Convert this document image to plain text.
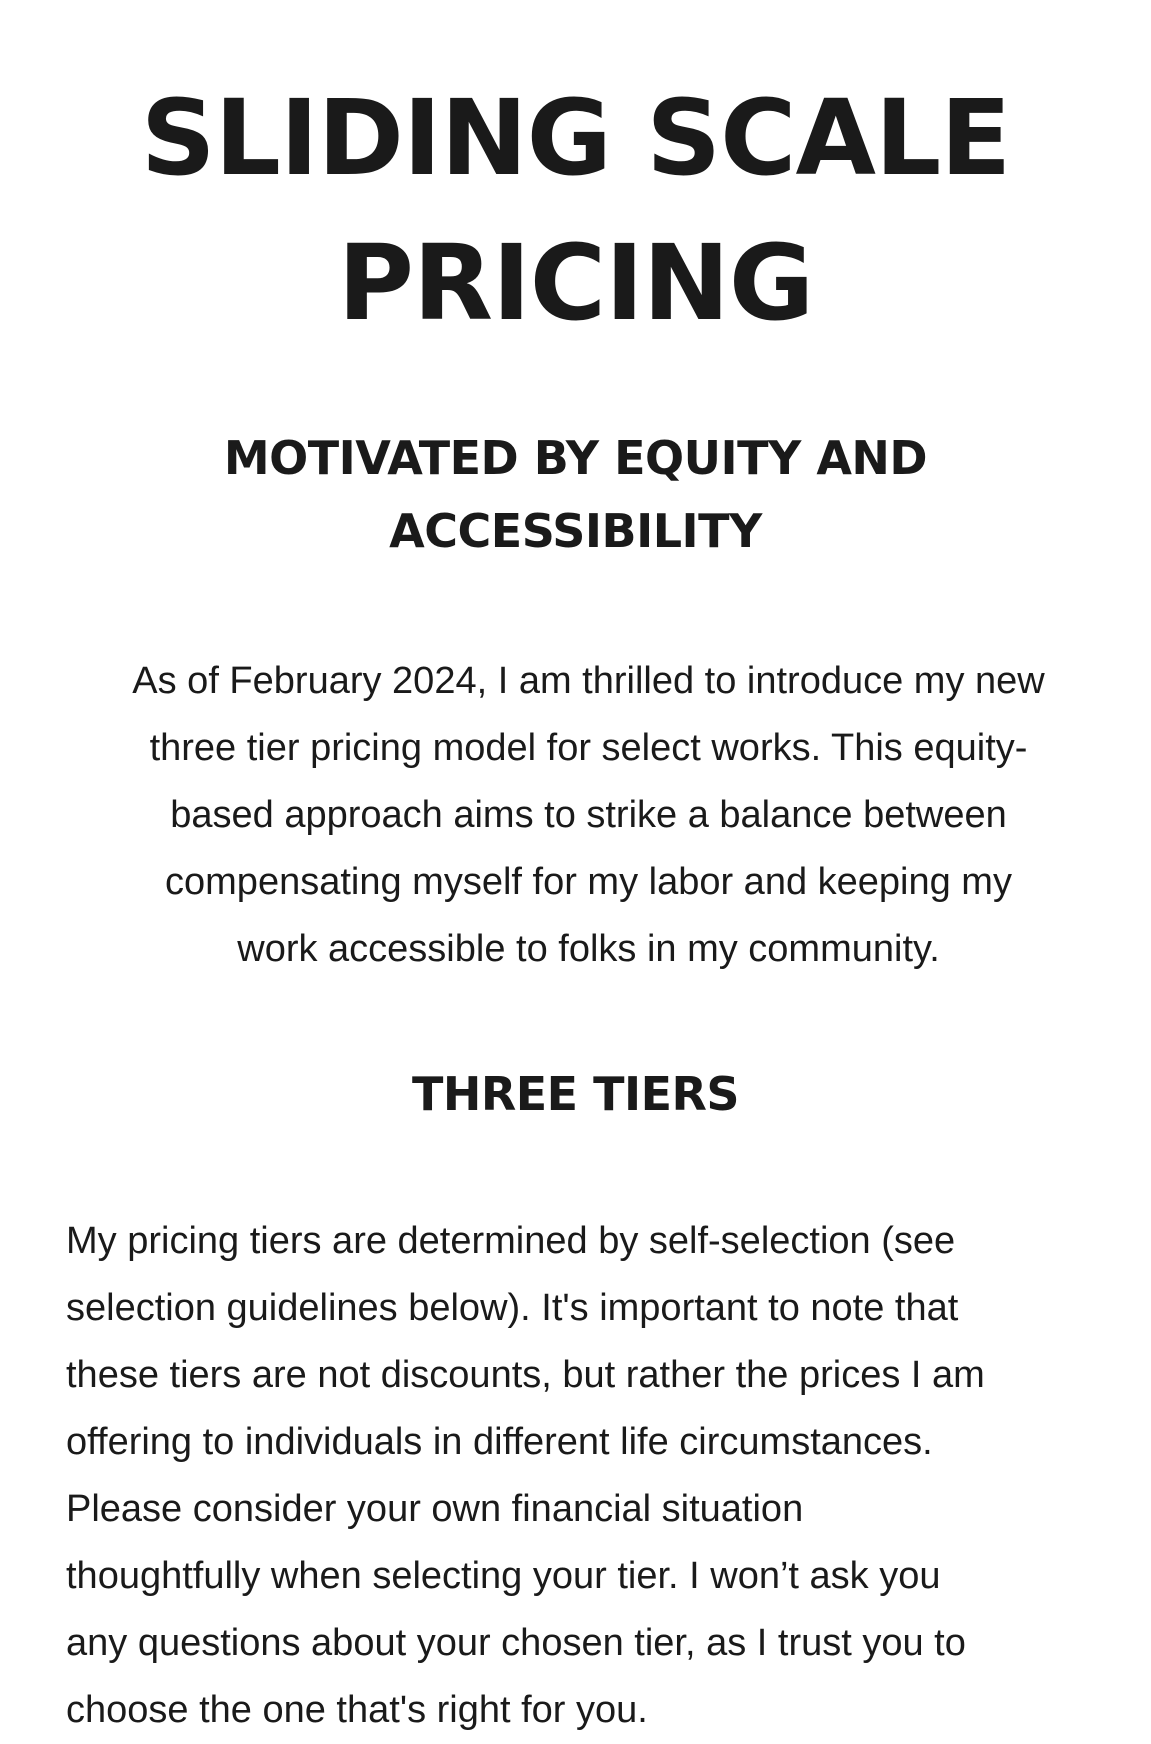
SLIDING SCALE
PRICING
MOTIVATED BY EQUITY AND
ACCESSIBILITY

As of February 2024, I am thrilled to introduce my new
three tier pricing model for select works. This equity-
based approach aims to strike a balance between
compensating myself for my labor and keeping my
work accessible to folks in my community.

THREE TIERS

My pricing tiers are determined by self-selection (see
selection guidelines below). It's important to note that
these tiers are not discounts, but rather the prices I am
offering to individuals in different life circumstances.
Please consider your own financial situation
thoughtfully when selecting your tier. I won’t ask you
any questions about your chosen tier, as I trust you to
choose the one that's right for you.
